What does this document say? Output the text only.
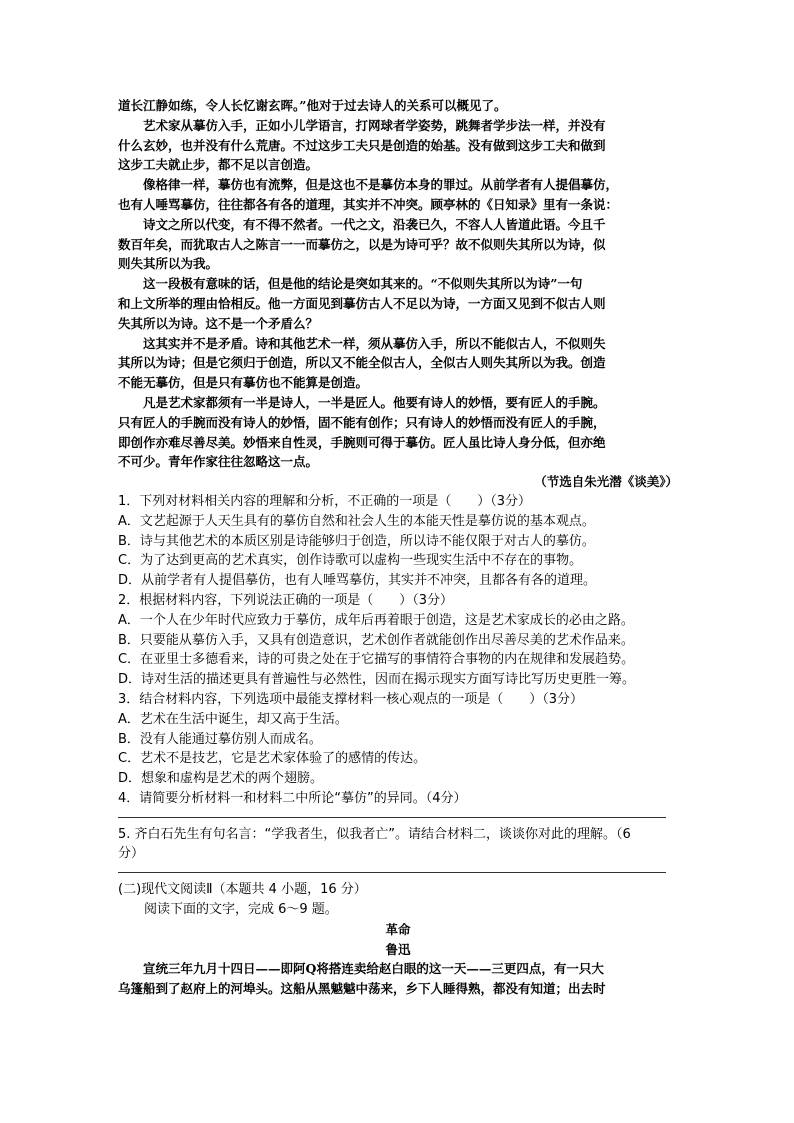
道长江静如练，令人长忆谢玄晖。”他对于过去诗人的关系可以概见了。
艺术家从摹仿入手，正如小儿学语言，打网球者学姿势，跳舞者学步法一样，并没有
什么玄妙，也并没有什么荒唐。不过这步工夫只是创造的始基。没有做到这步工夫和做到
这步工夫就止步，都不足以言创造。
像格律一样，摹仿也有流弊，但是这也不是摹仿本身的罪过。从前学者有人提倡摹仿，
也有人唾骂摹仿，往往都各有各的道理，其实并不冲突。顾亭林的《日知录》里有一条说：
诗文之所以代变，有不得不然者。一代之文，沿袭已久，不容人人皆道此语。今且千
数百年矣，而犹取古人之陈言一一而摹仿之，以是为诗可乎？故不似则失其所以为诗，似
则失其所以为我。
这一段极有意味的话，但是他的结论是突如其来的。“不似则失其所以为诗”一句
和上文所举的理由恰相反。他一方面见到摹仿古人不足以为诗，一方面又见到不似古人则
失其所以为诗。这不是一个矛盾么？
这其实并不是矛盾。诗和其他艺术一样，须从摹仿入手，所以不能似古人，不似则失
其所以为诗；但是它须归于创造，所以又不能全似古人，全似古人则失其所以为我。创造
不能无摹仿，但是只有摹仿也不能算是创造。
凡是艺术家都须有一半是诗人，一半是匠人。他要有诗人的妙悟，要有匠人的手腕。
只有匠人的手腕而没有诗人的妙悟，固不能有创作；只有诗人的妙悟而没有匠人的手腕，
即创作亦难尽善尽美。妙悟来自性灵，手腕则可得于摹仿。匠人虽比诗人身分低，但亦绝
不可少。青年作家往往忽略这一点。
（节选自朱光潜《谈美》）
1．下列对材料相关内容的理解和分析，不正确的一项是（　　）（3分）
A．文艺起源于人天生具有的摹仿自然和社会人生的本能天性是摹仿说的基本观点。
B．诗与其他艺术的本质区别是诗能够归于创造，所以诗不能仅限于对古人的摹仿。
C．为了达到更高的艺术真实，创作诗歌可以虚构一些现实生活中不存在的事物。
D．从前学者有人提倡摹仿，也有人唾骂摹仿，其实并不冲突，且都各有各的道理。
2．根据材料内容，下列说法正确的一项是（　　）（3分）
A．一个人在少年时代应致力于摹仿，成年后再着眼于创造，这是艺术家成长的必由之路。
B．只要能从摹仿入手，又具有创造意识，艺术创作者就能创作出尽善尽美的艺术作品来。
C．在亚里士多德看来，诗的可贵之处在于它描写的事情符合事物的内在规律和发展趋势。
D．诗对生活的描述更具有普遍性与必然性，因而在揭示现实方面写诗比写历史更胜一筹。
3．结合材料内容，下列选项中最能支撑材料一核心观点的一项是（　　）（3分）
A．艺术在生活中诞生，却又高于生活。
B．没有人能通过摹仿别人而成名。
C．艺术不是技艺，它是艺术家体验了的感情的传达。
D．想象和虚构是艺术的两个翅膀。
4．请简要分析材料一和材料二中所论“摹仿”的异同。（4分）
5. 齐白石先生有句名言：“学我者生，似我者亡”。请结合材料二，谈谈你对此的理解。（6
分）
(二)现代文阅读Ⅱ（本题共 4 小题，16 分）
阅读下面的文字，完成 6～9 题。
革命
鲁迅
宣统三年九月十四日——即阿Q将搭连卖给赵白眼的这一天——三更四点，有一只大
乌篷船到了赵府上的河埠头。这船从黑魆魆中荡来，乡下人睡得熟，都没有知道；出去时
